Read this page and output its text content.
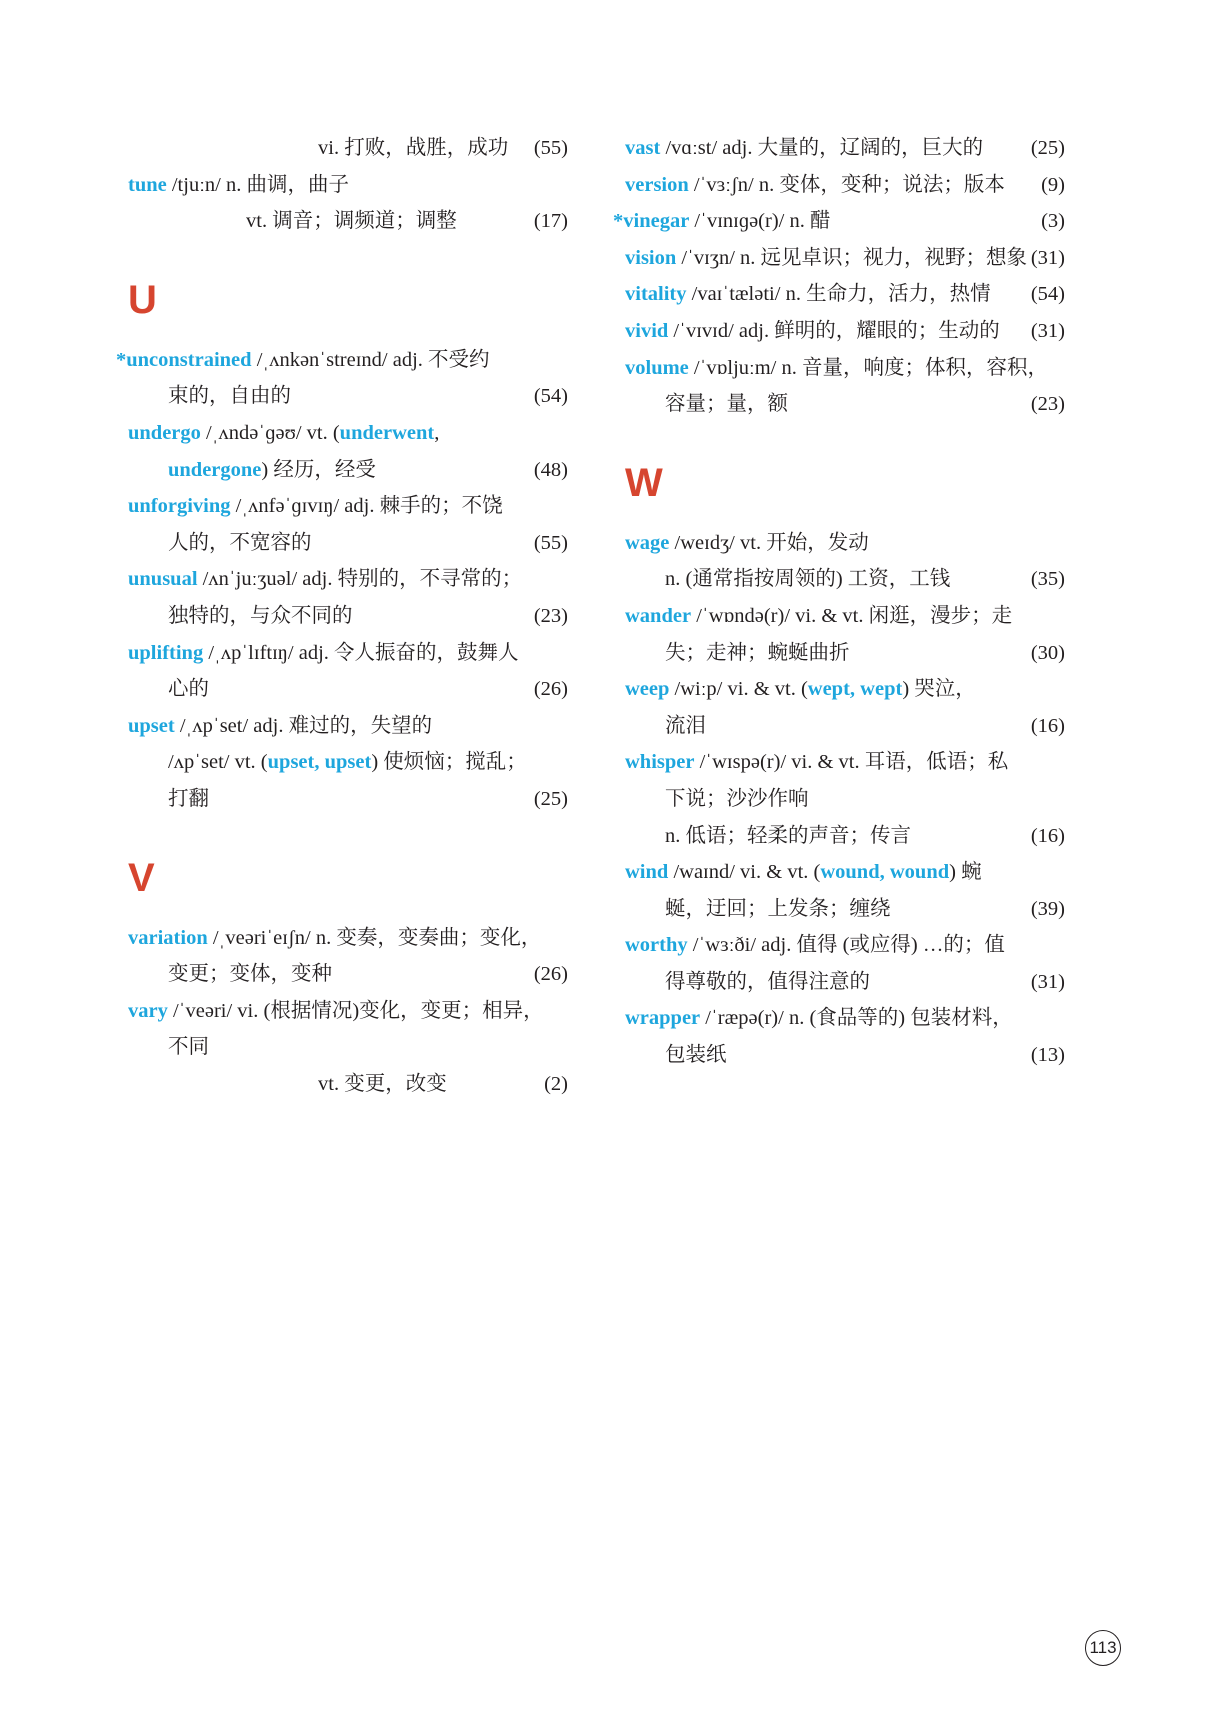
vi. 打败，战胜，成功 (55)
tune /tjuːn/ n. 曲调，曲子
vt. 调音；调频道；调整	(17)
U
*unconstrained /ˌʌnkənˈstreɪnd/ adj. 不受约
束的，自由的	(54)
undergo /ˌʌndəˈɡəʊ/ vt. (underwent,
undergone) 经历，经受	(48)
unforgiving /ˌʌnfəˈɡɪvɪŋ/ adj. 棘手的；不饶
人的，不宽容的	(55)
unusual /ʌnˈjuːʒuəl/ adj. 特别的，不寻常的；
独特的，与众不同的	(23)
uplifting /ˌʌpˈlɪftɪŋ/ adj. 令人振奋的，鼓舞人
心的	(26)
upset /ˌʌpˈset/ adj. 难过的，失望的
/ʌpˈset/ vt. (upset, upset) 使烦恼；搅乱；
打翻	(25)
V
variation /ˌveəriˈeɪʃn/ n. 变奏，变奏曲；变化，
变更；变体，变种	(26)
vary /ˈveəri/ vi. (根据情况)变化，变更；相异，
不同
vt. 变更，改变	(2)
vast /vɑːst/ adj. 大量的，辽阔的，巨大的 (25)
version /ˈvɜːʃn/ n. 变体，变种；说法；版本 (9)
*vinegar /ˈvɪnɪɡə(r)/ n. 醋	(3)
vision /ˈvɪʒn/ n. 远见卓识；视力，视野；想象 (31)
vitality /vaɪˈtæləti/ n. 生命力，活力，热情 (54)
vivid /ˈvɪvɪd/ adj. 鲜明的，耀眼的；生动的 (31)
volume /ˈvɒljuːm/ n. 音量，响度；体积，容积，
容量；量，额	(23)
W
wage /weɪdʒ/ vt. 开始，发动
n. (通常指按周领的) 工资，工钱	(35)
wander /ˈwɒndə(r)/ vi. & vt. 闲逛，漫步；走
失；走神；蜿蜒曲折	(30)
weep /wiːp/ vi. & vt. (wept, wept) 哭泣，
流泪	(16)
whisper /ˈwɪspə(r)/ vi. & vt. 耳语，低语；私
下说；沙沙作响
n. 低语；轻柔的声音；传言	(16)
wind /waɪnd/ vi. & vt. (wound, wound) 蜿
蜒，迂回；上发条；缠绕	(39)
worthy /ˈwɜːði/ adj. 值得 (或应得) …的；值
得尊敬的，值得注意的	(31)
wrapper /ˈræpə(r)/ n. (食品等的) 包装材料，
包装纸	(13)
113
